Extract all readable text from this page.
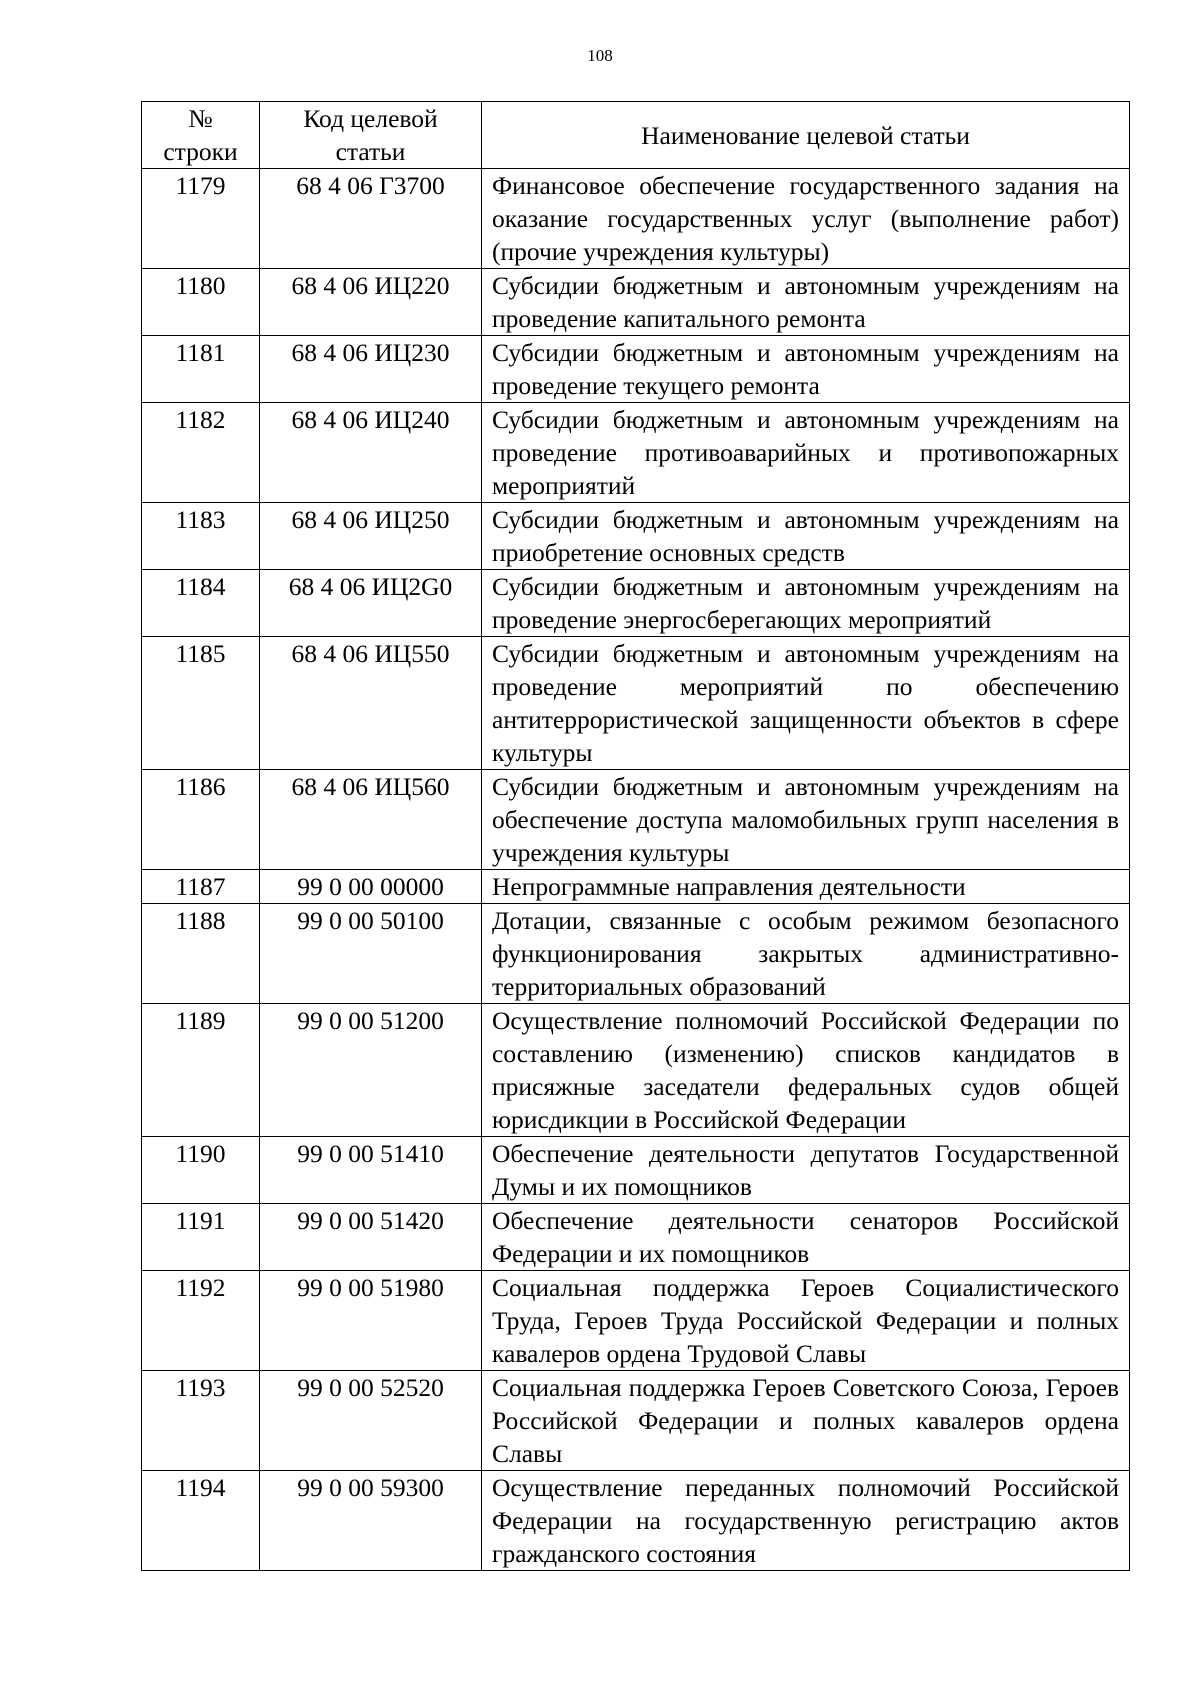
108
№ строки	Код целевой статьи	Наименование целевой статьи
1179	68 4 06 Г3700	Финансовое обеспечение государственного задания на оказание государственных услуг (выполнение работ) (прочие учреждения культуры)
1180	68 4 06 ИЦ220	Субсидии бюджетным и автономным учреждениям на проведение капитального ремонта
1181	68 4 06 ИЦ230	Субсидии бюджетным и автономным учреждениям на проведение текущего ремонта
1182	68 4 06 ИЦ240	Субсидии бюджетным и автономным учреждениям на проведение противоаварийных и противопожарных мероприятий
1183	68 4 06 ИЦ250	Субсидии бюджетным и автономным учреждениям на приобретение основных средств
1184	68 4 06 ИЦ2G0	Субсидии бюджетным и автономным учреждениям на проведение энергосберегающих мероприятий
1185	68 4 06 ИЦ550	Субсидии бюджетным и автономным учреждениям на проведение мероприятий по обеспечению антитеррористической защищенности объектов в сфере культуры
1186	68 4 06 ИЦ560	Субсидии бюджетным и автономным учреждениям на обеспечение доступа маломобильных групп населения в учреждения культуры
1187	99 0 00 00000	Непрограммные направления деятельности
1188	99 0 00 50100	Дотации, связанные с особым режимом безопасного функционирования закрытых административно-территориальных образований
1189	99 0 00 51200	Осуществление полномочий Российской Федерации по составлению (изменению) списков кандидатов в присяжные заседатели федеральных судов общей юрисдикции в Российской Федерации
1190	99 0 00 51410	Обеспечение деятельности депутатов Государственной Думы и их помощников
1191	99 0 00 51420	Обеспечение деятельности сенаторов Российской Федерации и их помощников
1192	99 0 00 51980	Социальная поддержка Героев Социалистического Труда, Героев Труда Российской Федерации и полных кавалеров ордена Трудовой Славы
1193	99 0 00 52520	Социальная поддержка Героев Советского Союза, Героев Российской Федерации и полных кавалеров ордена Славы
1194	99 0 00 59300	Осуществление переданных полномочий Российской Федерации на государственную регистрацию актов гражданского состояния
